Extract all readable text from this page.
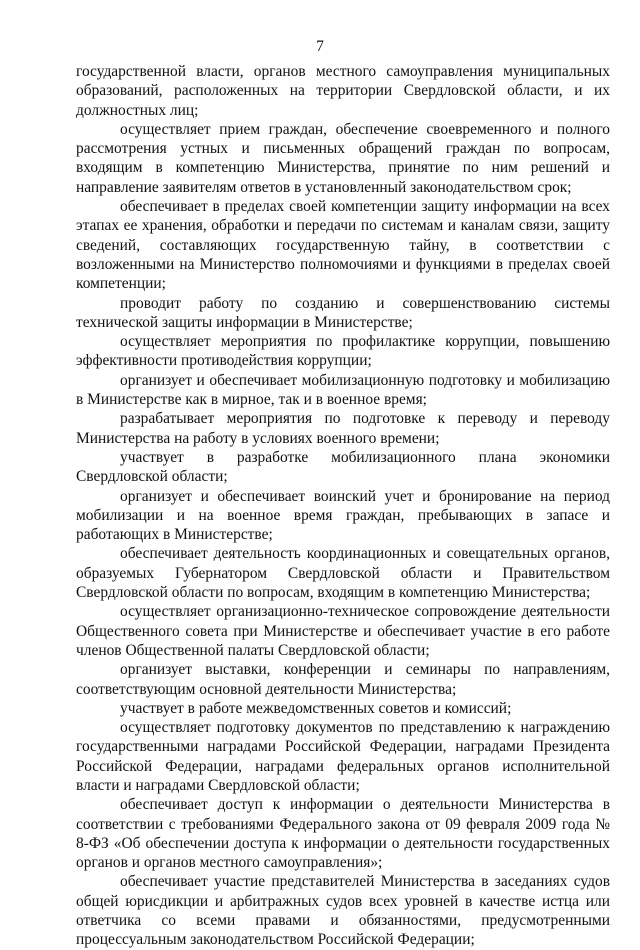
7

государственной власти, органов местного самоуправления муниципальных образований, расположенных на территории Свердловской области, и их должностных лиц;

осуществляет прием граждан, обеспечение своевременного и полного рассмотрения устных и письменных обращений граждан по вопросам, входящим в компетенцию Министерства, принятие по ним решений и направление заявителям ответов в установленный законодательством срок;

обеспечивает в пределах своей компетенции защиту информации на всех этапах ее хранения, обработки и передачи по системам и каналам связи, защиту сведений, составляющих государственную тайну, в соответствии с возложенными на Министерство полномочиями и функциями в пределах своей компетенции;

проводит работу по созданию и совершенствованию системы технической защиты информации в Министерстве;

осуществляет мероприятия по профилактике коррупции, повышению эффективности противодействия коррупции;

организует и обеспечивает мобилизационную подготовку и мобилизацию в Министерстве как в мирное, так и в военное время;

разрабатывает мероприятия по подготовке к переводу и переводу Министерства на работу в условиях военного времени;

участвует в разработке мобилизационного плана экономики Свердловской области;

организует и обеспечивает воинский учет и бронирование на период мобилизации и на военное время граждан, пребывающих в запасе и работающих в Министерстве;

обеспечивает деятельность координационных и совещательных органов, образуемых Губернатором Свердловской области и Правительством Свердловской области по вопросам, входящим в компетенцию Министерства;

осуществляет организационно-техническое сопровождение деятельности Общественного совета при Министерстве и обеспечивает участие в его работе членов Общественной палаты Свердловской области;

организует выставки, конференции и семинары по направлениям, соответствующим основной деятельности Министерства;

участвует в работе межведомственных советов и комиссий;

осуществляет подготовку документов по представлению к награждению государственными наградами Российской Федерации, наградами Президента Российской Федерации, наградами федеральных органов исполнительной власти и наградами Свердловской области;

обеспечивает доступ к информации о деятельности Министерства в соответствии с требованиями Федерального закона от 09 февраля 2009 года № 8-ФЗ «Об обеспечении доступа к информации о деятельности государственных органов и органов местного самоуправления»;

обеспечивает участие представителей Министерства в заседаниях судов общей юрисдикции и арбитражных судов всех уровней в качестве истца или ответчика со всеми правами и обязанностями, предусмотренными процессуальным законодательством Российской Федерации;
